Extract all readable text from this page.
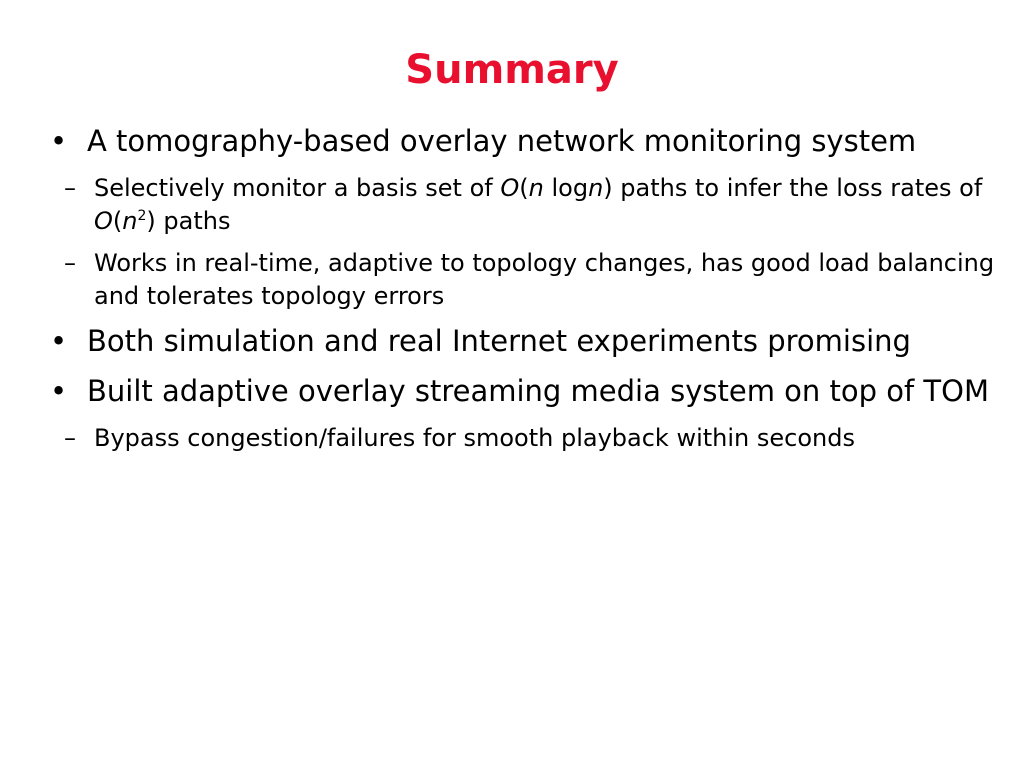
Summary
• A tomography-based overlay network monitoring system
– Selectively monitor a basis set of O(n logn) paths to infer the loss rates of $O(n^2)$ paths
– Works in real-time, adaptive to topology changes, has good load balancing and tolerates topology errors
• Both simulation and real Internet experiments promising
• Built adaptive overlay streaming media system on top of TOM
– Bypass congestion/failures for smooth playback within seconds
